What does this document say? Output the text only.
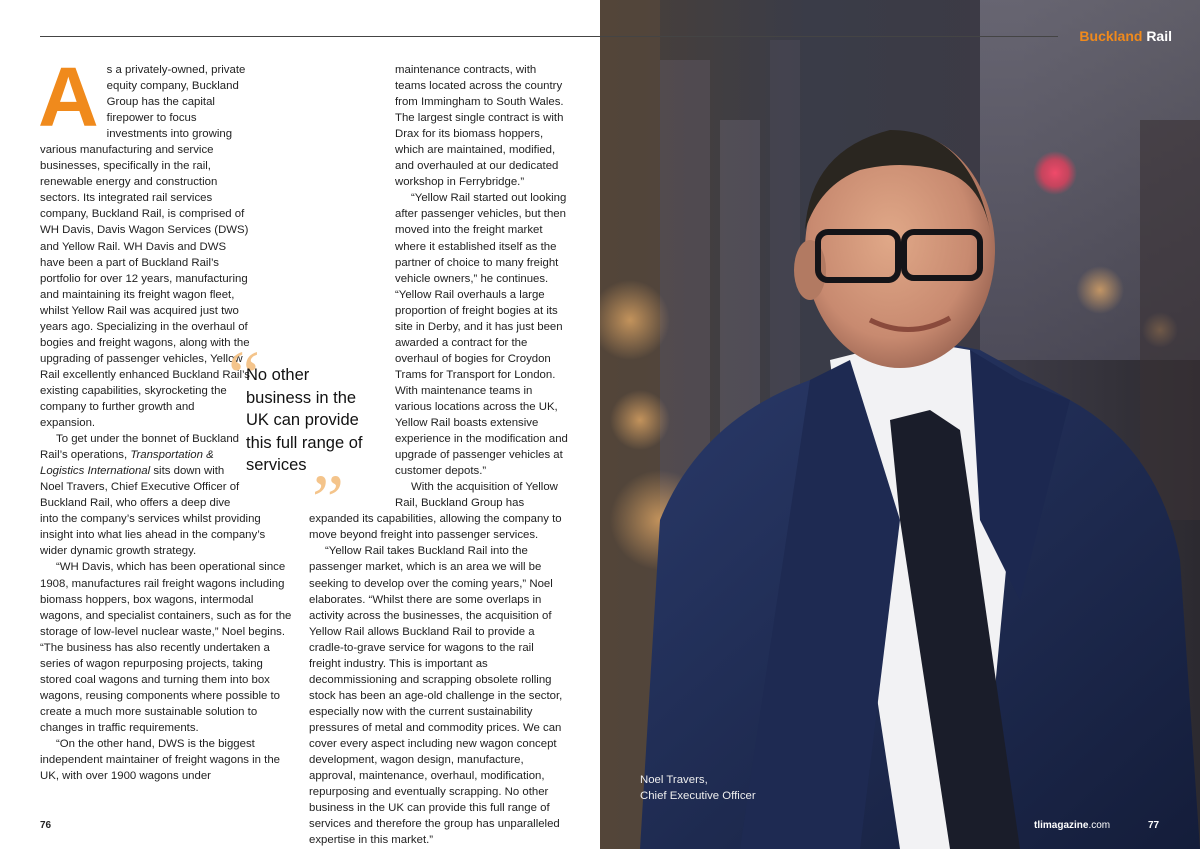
Buckland Rail
A s a privately-owned, private equity company, Buckland Group has the capital firepower to focus investments into growing various manufacturing and service businesses, specifically in the rail, renewable energy and construction sectors. Its integrated rail services company, Buckland Rail, is comprised of WH Davis, Davis Wagon Services (DWS) and Yellow Rail. WH Davis and DWS have been a part of Buckland Rail’s portfolio for over 12 years, manufacturing and maintaining its freight wagon fleet, whilst Yellow Rail was acquired just two years ago. Specializing in the overhaul of bogies and freight wagons, along with the upgrading of passenger vehicles, Yellow Rail excellently enhanced Buckland Rail’s existing capabilities, skyrocketing the company to further growth and expansion.

To get under the bonnet of Buckland Rail’s operations, Transportation & Logistics International sits down with Noel Travers, Chief Executive Officer of Buckland Rail, who offers a deep dive into the company’s services whilst providing insight into what lies ahead in the company’s wider dynamic growth strategy.

“WH Davis, which has been operational since 1908, manufactures rail freight wagons including biomass hoppers, box wagons, intermodal wagons, and specialist containers, such as for the storage of low-level nuclear waste,” Noel begins. “The business has also recently undertaken a series of wagon repurposing projects, taking stored coal wagons and turning them into box wagons, reusing components where possible to create a much more sustainable solution to changes in traffic requirements.

“On the other hand, DWS is the biggest independent maintainer of freight wagons in the UK, with over 1900 wagons under

maintenance contracts, with teams located across the country from Immingham to South Wales. The largest single contract is with Drax for its biomass hoppers, which are maintained, modified, and overhauled at our dedicated workshop in Ferrybridge.”

“Yellow Rail started out looking after passenger vehicles, but then moved into the freight market where it established itself as the partner of choice to many freight vehicle owners,” he continues. “Yellow Rail overhauls a large proportion of freight bogies at its site in Derby, and it has just been awarded a contract for the overhaul of bogies for Croydon Trams for Transport for London. With maintenance teams in various locations across the UK, Yellow Rail boasts extensive experience in the modification and upgrade of passenger vehicles at customer depots.”

With the acquisition of Yellow Rail, Buckland Group has expanded its capabilities, allowing the company to move beyond freight into passenger services.

“Yellow Rail takes Buckland Rail into the passenger market, which is an area we will be seeking to develop over the coming years,” Noel elaborates. “Whilst there are some overlaps in activity across the businesses, the acquisition of Yellow Rail allows Buckland Rail to provide a cradle-to-grave service for wagons to the rail freight industry. This is important as decommissioning and scrapping obsolete rolling stock has been an age-old challenge in the sector, especially now with the current sustainability pressures of metal and commodity prices. We can cover every aspect including new wagon concept development, wagon design, manufacture, approval, maintenance, overhaul, modification, repurposing and eventually scrapping. No other business in the UK can provide this full range of services and therefore the group has unparalleled expertise in this market.”

“
No other business in the UK can provide this full range of services ”
Noel Travers,
Chief Executive Officer
76	tlimagazine.com	77
